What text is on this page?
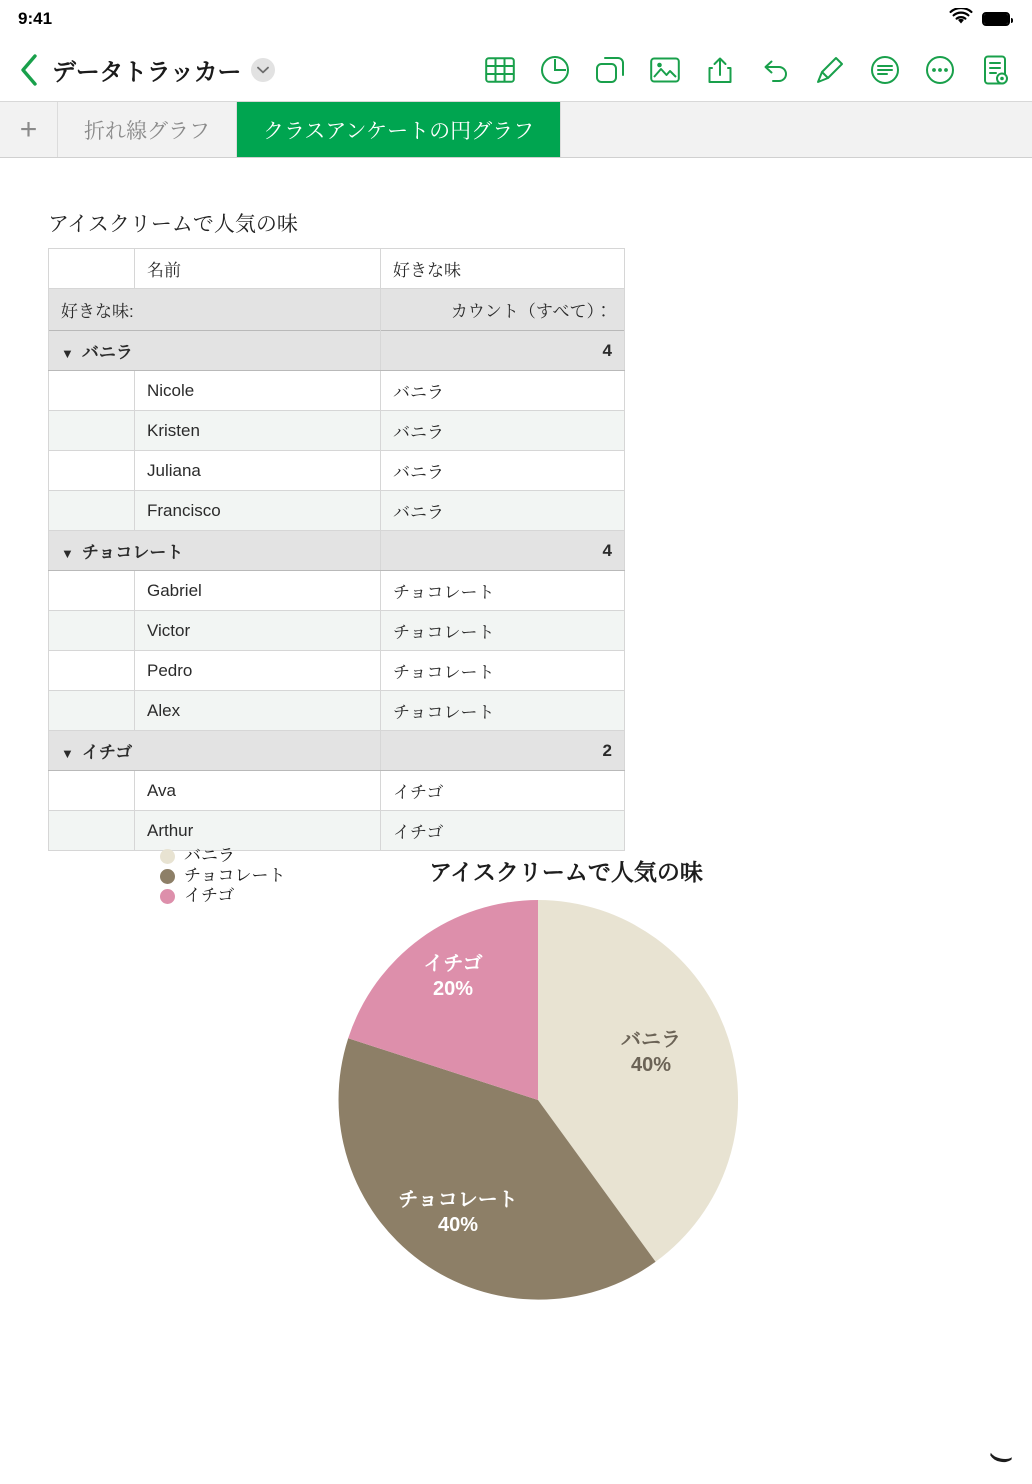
9:41
データトラッカー
+	折れ線グラフ	クラスアンケートの円グラフ
アイスクリームで人気の味
	名前	好きな味
好きな味:		カウント（すべて）：
▼ バニラ		4
	Nicole	バニラ
	Kristen	バニラ
	Juliana	バニラ
	Francisco	バニラ
▼ チョコレート		4
	Gabriel	チョコレート
	Victor	チョコレート
	Pedro	チョコレート
	Alex	チョコレート
▼ イチゴ		2
	Ava	イチゴ
	Arthur	イチゴ
アイスクリームで人気の味
バニラ
チョコレート
イチゴ
バニラ
40%
チョコレート
40%
イチゴ
20%
⌣
